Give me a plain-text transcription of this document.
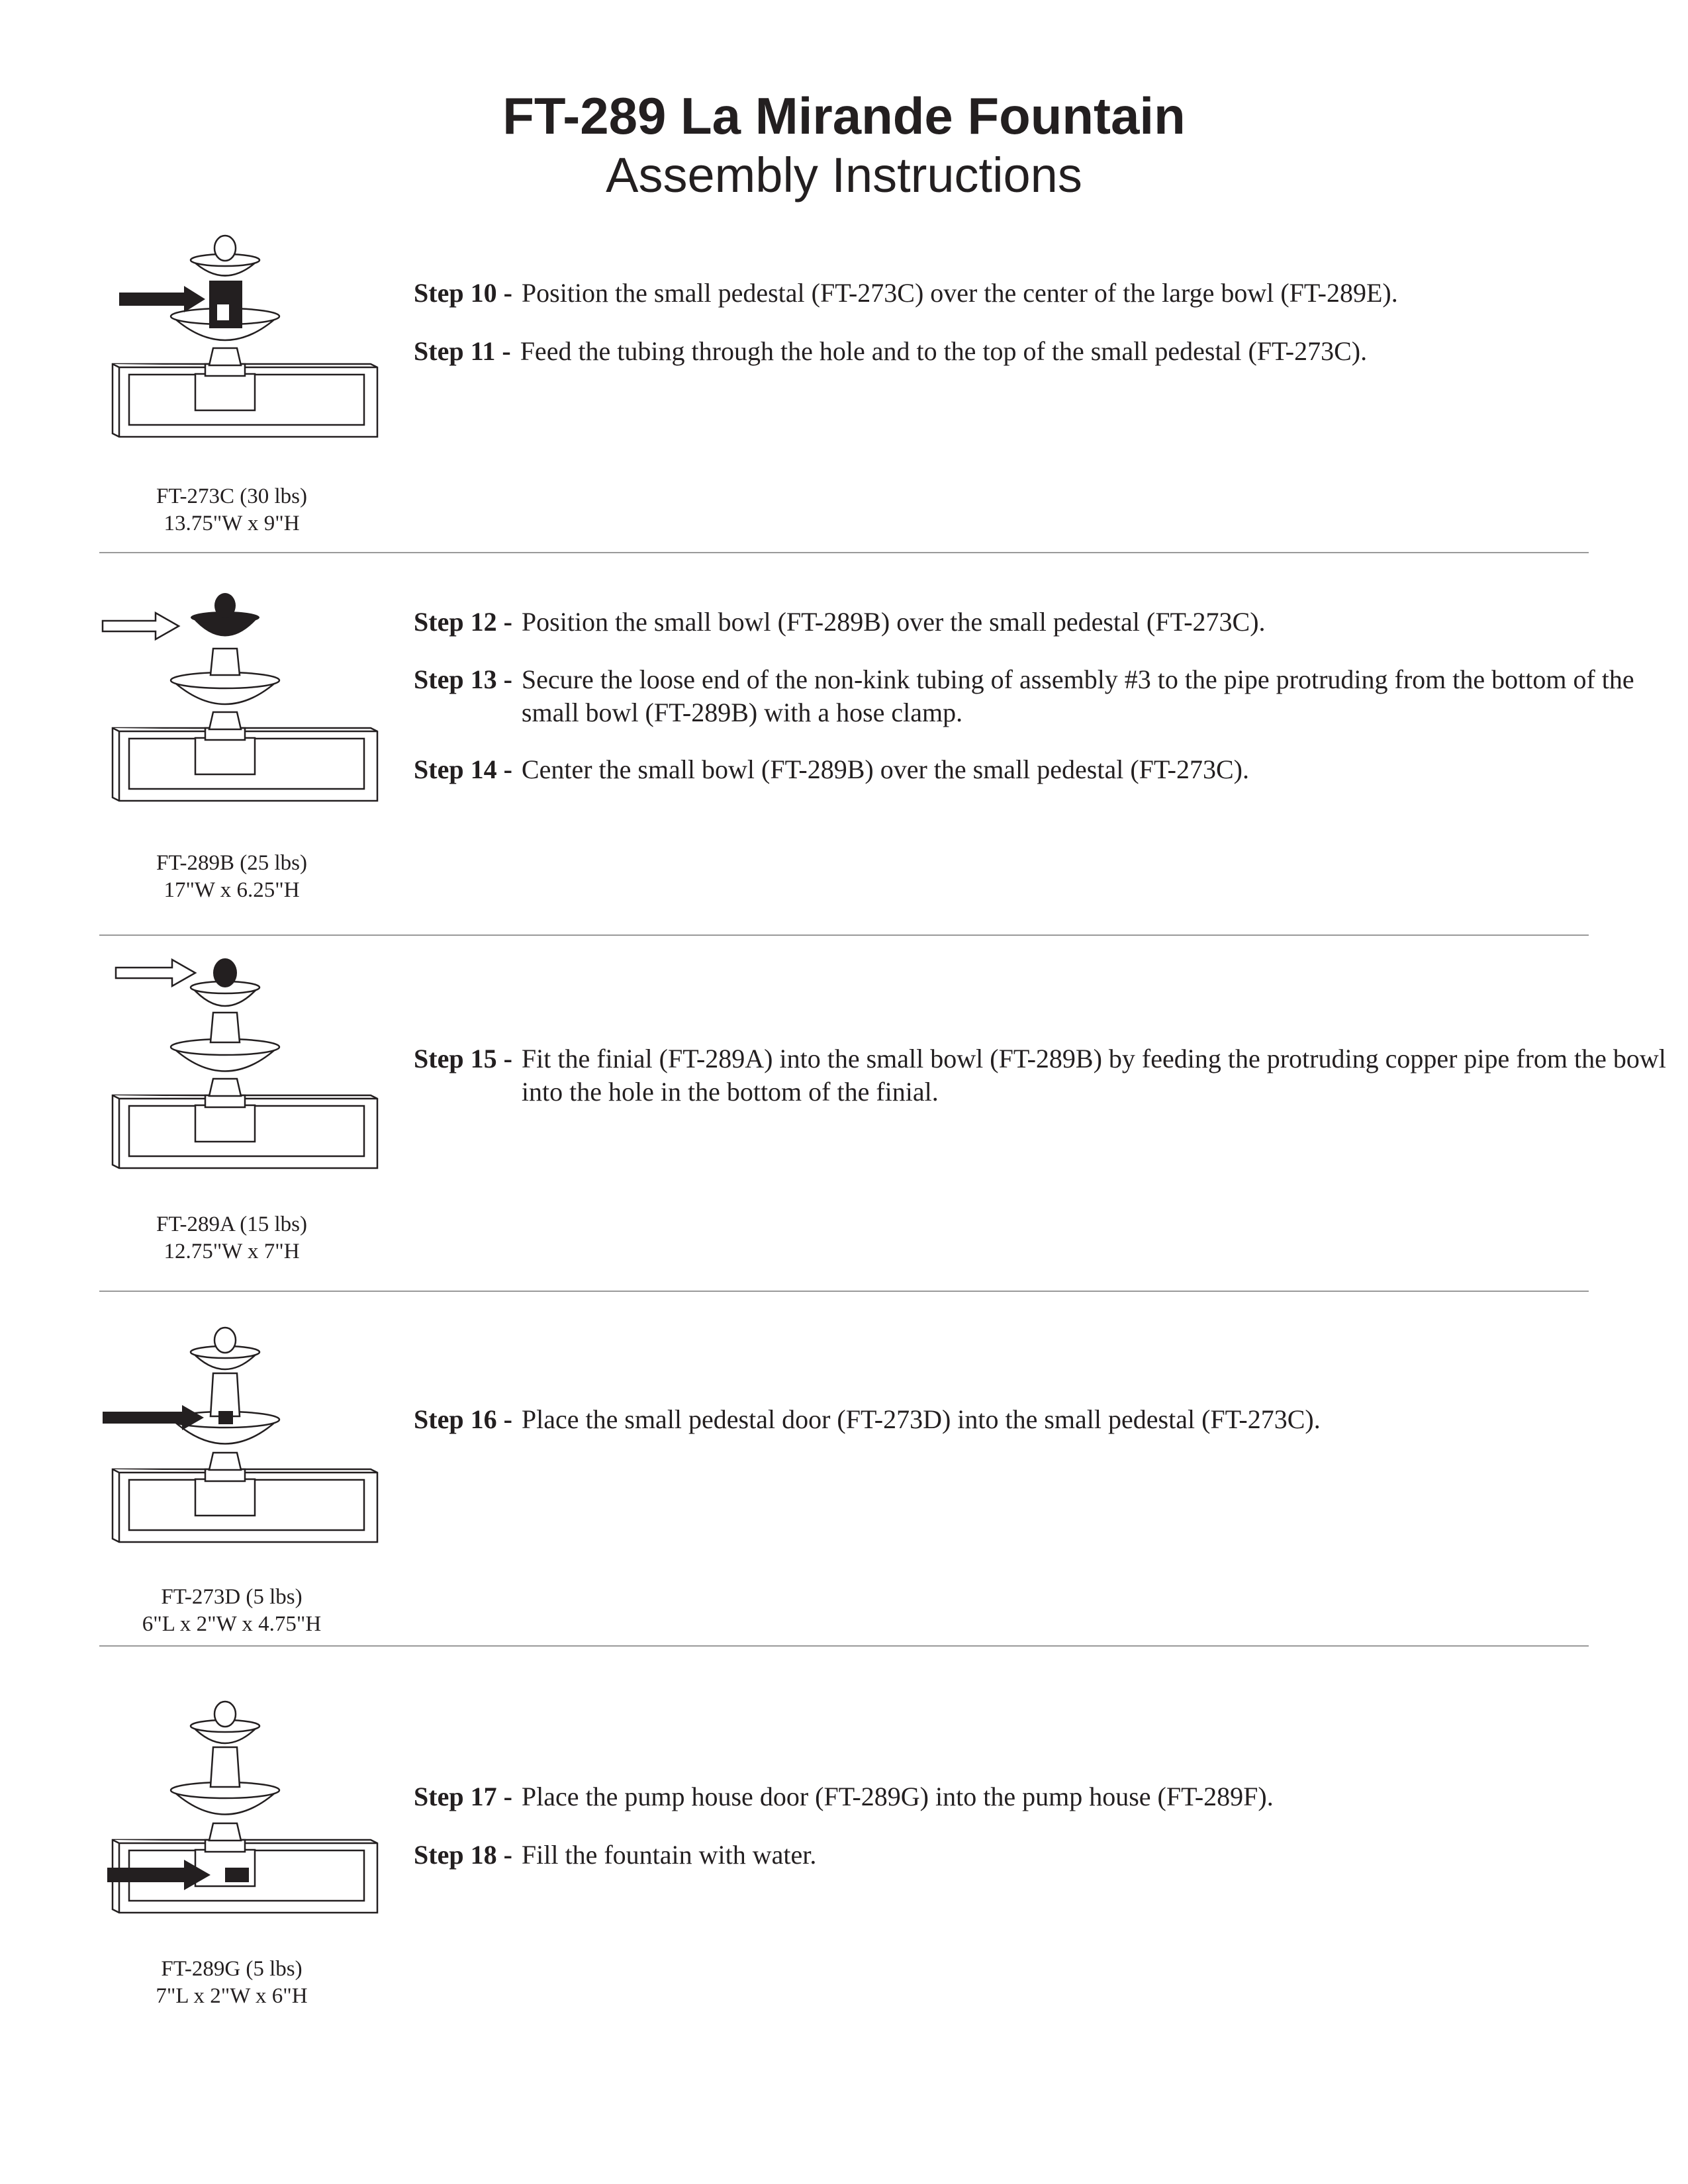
FT-289 La Mirande Fountain
Assembly Instructions
FT-273C (30 lbs)
13.75"W x 9"H
Step 10 - Position the small pedestal (FT-273C) over the center of the large bowl (FT-289E).
Step 11 - Feed the tubing through the hole and to the top of the small pedestal (FT-273C).
FT-289B (25 lbs)
17"W x 6.25"H
Step 12 - Position the small bowl (FT-289B) over the small pedestal (FT-273C).
Step 13 - Secure the loose end of the non-kink tubing of assembly #3 to the pipe protruding from the bottom of the small bowl (FT-289B) with a hose clamp.
Step 14 - Center the small bowl (FT-289B) over the small pedestal (FT-273C).
FT-289A (15 lbs)
12.75"W x 7"H
Step 15 - Fit the finial (FT-289A) into the small bowl (FT-289B) by feeding the protruding copper pipe from the bowl into the hole in the bottom of the finial.
FT-273D (5 lbs)
6"L x 2"W x 4.75"H
Step 16 - Place the small pedestal door (FT-273D) into the small pedestal (FT-273C).
FT-289G (5 lbs)
7"L x 2"W x 6"H
Step 17 - Place the pump house door (FT-289G) into the pump house (FT-289F).
Step 18 - Fill the fountain with water.
